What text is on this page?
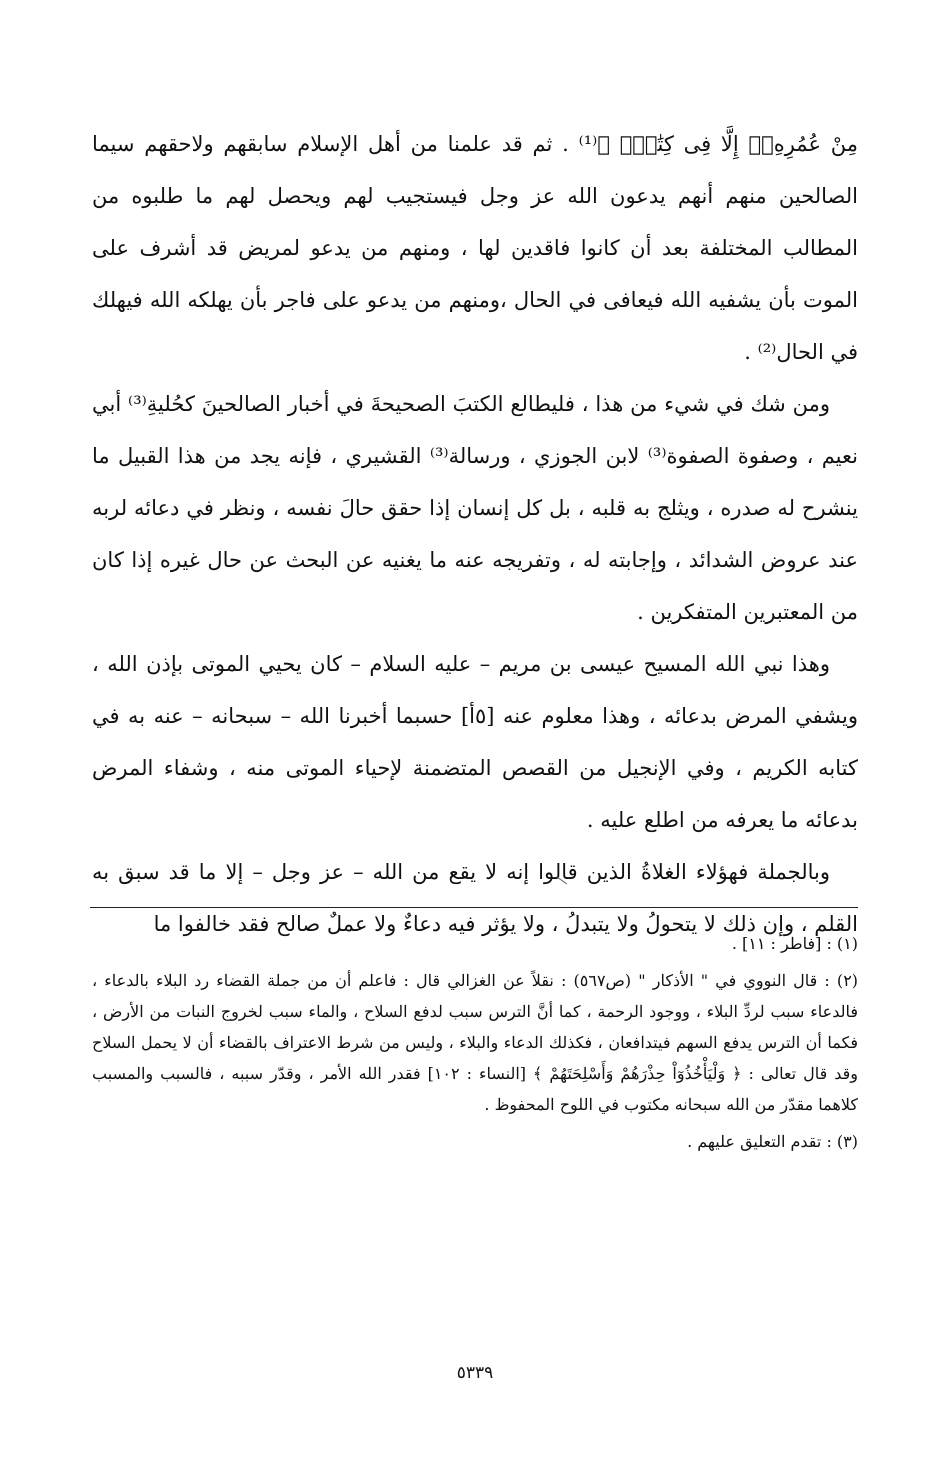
مِنْ عُمُرِهِۦٓ إِلَّا فِى كِتَٰبٍۚ ﴾⁽¹⁾ . ثم قد علمنا من أهل الإسلام سابقهم ولاحقهم سيما الصالحين منهم أنهم يدعون الله عز وجل فيستجيب لهم ويحصل لهم ما طلبوه من المطالب المختلفة بعد أن كانوا فاقدين لها ، ومنهم من يدعو لمريض قد أشرف على الموت بأن يشفيه الله فيعافى في الحال ،ومنهم من يدعو على فاجر بأن يهلكه الله فيهلك في الحال⁽²⁾ .

ومن شك في شيء من هذا ، فليطالع الكتبَ الصحيحةَ في أخبار الصالحينَ كحُليةِ⁽³⁾ أبي نعيم ، وصفوة الصفوة⁽³⁾ لابن الجوزي ، ورسالة⁽³⁾ القشيري ، فإنه يجد من هذا القبيل ما ينشرح له صدره ، ويثلج به قلبه ، بل كل إنسان إذا حقق حالَ نفسه ، ونظر في دعائه لربه عند عروض الشدائد ، وإجابته له ، وتفريجه عنه ما يغنيه عن البحث عن حال غيره إذا كان من المعتبرين المتفكرين .

وهذا نبي الله المسيح عيسى بن مريم – عليه السلام – كان يحيي الموتى بإذن الله ، ويشفي المرض بدعائه ، وهذا معلوم عنه [٥أ] حسبما أخبرنا الله – سبحانه – عنه به في كتابه الكريم ، وفي الإنجيل من القصص المتضمنة لإحياء الموتى منه ، وشفاء المرض بدعائه ما يعرفه من اطلع عليه .

وبالجملة فهؤلاء الغلاةُ الذين قالوا إنه لا يقع من الله – عز وجل – إلا ما قد سبق به القلم ، وإن ذلك لا يتحولُ ولا يتبدلُ ، ولا يؤثر فيه دعاءٌ ولا عملٌ صالح فقد خالفوا ما

(١) : [فاطر : ١١] .

(٢) : قال النووي في " الأذكار " (ص٥٦٧) : نقلاً عن الغزالي قال : فاعلم أن من جملة القضاء رد البلاء بالدعاء ، فالدعاء سبب لردِّ البلاء ، ووجود الرحمة ، كما أنَّ الترس سبب لدفع السلاح ، والماء سبب لخروج النبات من الأرض ، فكما أن الترس يدفع السهم فيتدافعان ، فكذلك الدعاء والبلاء ، وليس من شرط الاعتراف بالقضاء أن لا يحمل السلاح وقد قال تعالى : ﴿ وَلْيَأْخُذُوٓاْ حِذْرَهُمْ وَأَسْلِحَتَهُمْ ﴾ [النساء : ١٠٢] فقدر الله الأمر ، وقدّر سببه ، فالسبب والمسبب كلاهما مقدّر من الله سبحانه مكتوب في اللوح المحفوظ .

(٣) : تقدم التعليق عليهم .

٥٣٣٩
